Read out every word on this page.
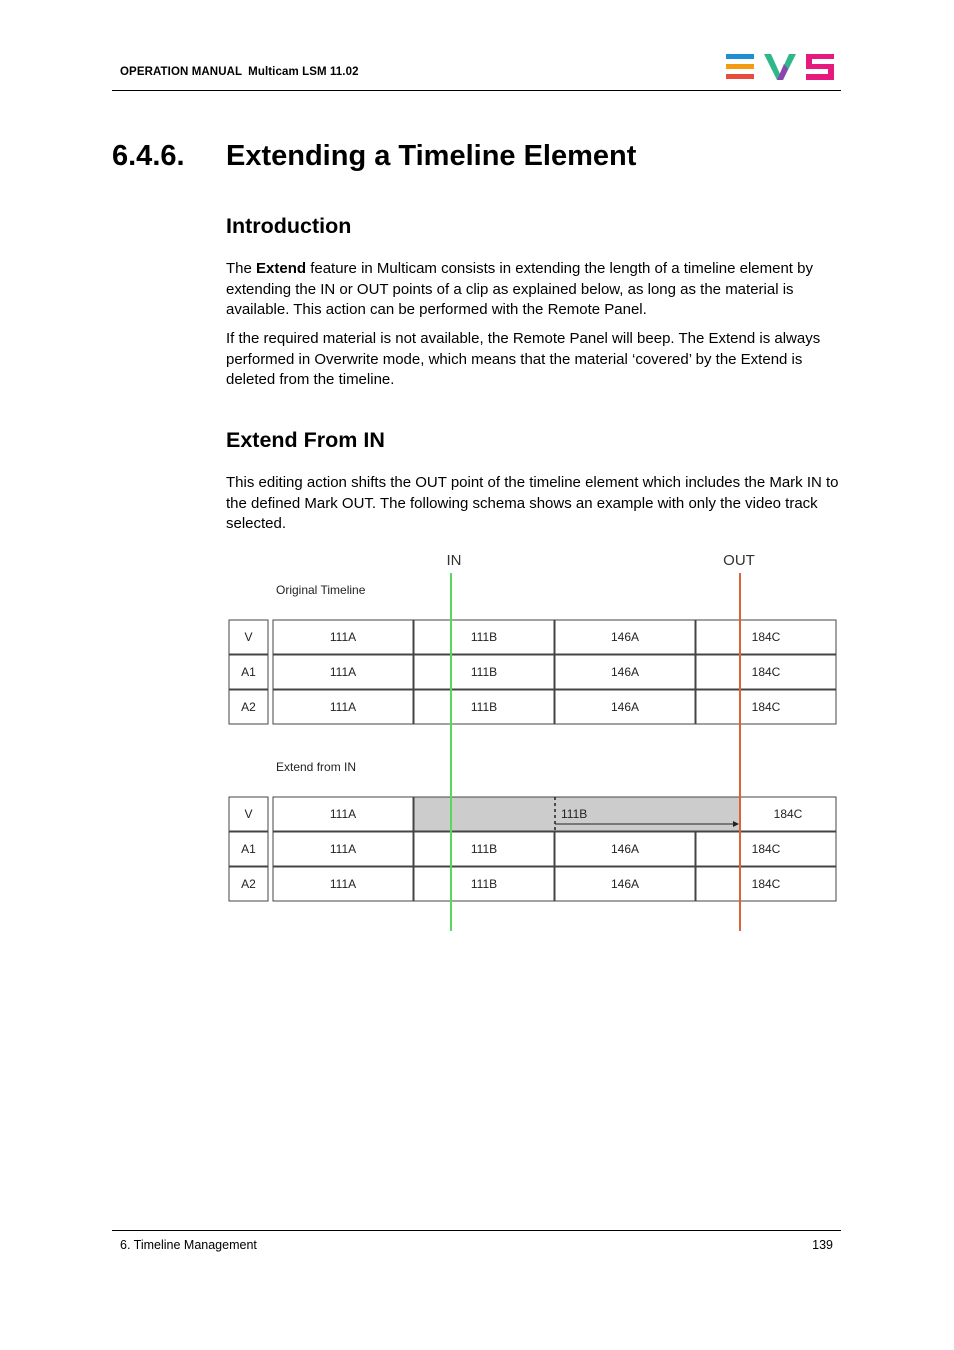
OPERATION MANUAL Multicam LSM 11.02
6.4.6. Extending a Timeline Element
Introduction

The Extend feature in Multicam consists in extending the length of a timeline element by extending the IN or OUT points of a clip as explained below, as long as the material is available. This action can be performed with the Remote Panel.

If the required material is not available, the Remote Panel will beep. The Extend is always performed in Overwrite mode, which means that the material ‘covered’ by the Extend is deleted from the timeline.

Extend From IN

This editing action shifts the OUT point of the timeline element which includes the Mark IN to the defined Mark OUT. The following schema shows an example with only the video track selected.

Original Timeline
V	111A	111B	146A	184C
A1	111A	111B	146A	184C
A2	111A	111B	146A	184C
Extend from IN
V	111A	111B	184C
A1	111A	111B	146A	184C
A2	111A	111B	146A	184C
IN	OUT
6. Timeline Management	139
